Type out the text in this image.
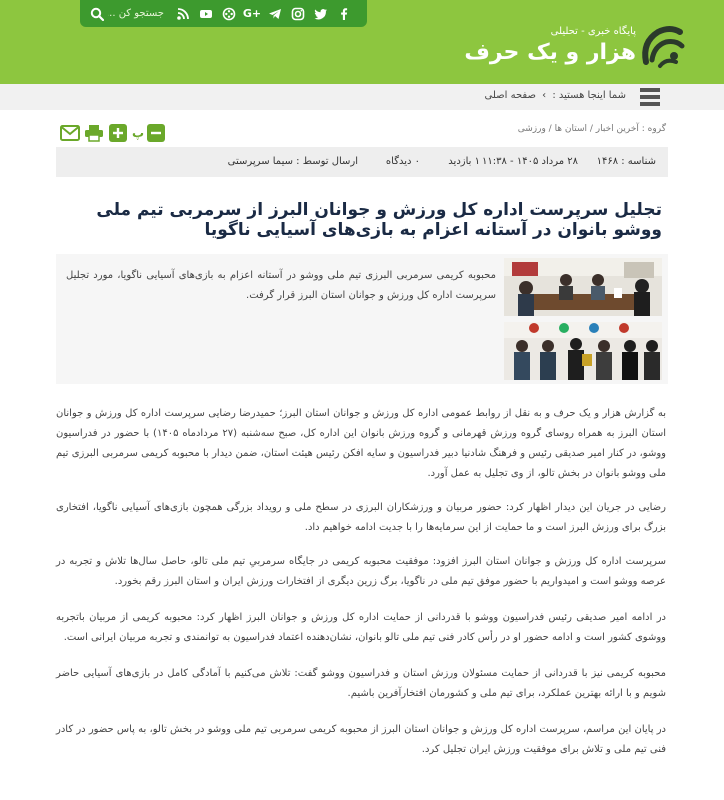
جستجو کن ...
G+
پایگاه خبری - تحلیلی
هزار و یک حرف
شما اینجا هستید : › صفحه اصلی
پ	گروه : آخرین اخبار / استان ها / ورزشی
شناسه : ۱۴۶۸
۲۸ مرداد ۱۴۰۵ - ۱۱:۳۸
۱ بازدید
۰ دیدگاه
ارسال توسط : سیما سرپرستی
تجلیل سرپرست اداره کل ورزش و جوانان البرز از سرمربی تیم ملی ووشو بانوان در آستانه اعزام به بازی‌های آسیایی ناگویا

محبوبه کریمی سرمربی البرزی تیم ملی ووشو در آستانه اعزام به بازی‌های آسیایی ناگویا، مورد تجلیل سرپرست اداره کل ورزش و جوانان استان البرز قرار گرفت.

به گزارش هزار و یک حرف و به نقل از روابط عمومی اداره کل ورزش و جوانان استان البرز؛ حمیدرضا رضایی سرپرست اداره کل ورزش و جوانان استان البرز به همراه روسای گروه ورزش قهرمانی و گروه ورزش بانوان این اداره کل، صبح سه‌شنبه (۲۷ مردادماه ۱۴۰۵) با حضور در فدراسیون ووشو، در کنار امیر صدیقی رئیس و فرهنگ شادنیا دبیر فدراسیون و سایه افکن رئیس هیئت استان، ضمن دیدار با محبوبه کریمی سرمربی البرزی تیم ملی ووشو بانوان در بخش تالو، از وی تجلیل به عمل آورد.

رضایی در جریان این دیدار اظهار کرد: حضور مربیان و ورزشکاران البرزی در سطح ملی و رویداد بزرگی همچون بازی‌های آسیایی ناگویا، افتخاری بزرگ برای ورزش البرز است و ما حمایت از این سرمایه‌ها را با جدیت ادامه خواهیم داد.

سرپرست اداره کل ورزش و جوانان استان البرز افزود: موفقیت محبوبه کریمی در جایگاه سرمربیِ تیم ملی تالو، حاصل سال‌ها تلاش و تجربه در عرصه ووشو است و امیدواریم با حضور موفق تیم ملی در ناگویا، برگ زرین دیگری از افتخارات ورزش ایران و استان البرز رقم بخورد.

در ادامه امیر صدیقی رئیس فدراسیون ووشو با قدردانی از حمایت اداره کل ورزش و جوانان البرز اظهار کرد: محبوبه کریمی از مربیان باتجربه ووشوی کشور است و ادامه حضور او در رأس کادر فنی تیم ملی تالو بانوان، نشان‌دهنده اعتماد فدراسیون به توانمندی و تجربه مربیان ایرانی است.

محبوبه کریمی نیز با قدردانی از حمایت مسئولان ورزش استان و فدراسیون ووشو گفت: تلاش می‌کنیم با آمادگی کامل در بازی‌های آسیایی حاضر شویم و با ارائه بهترین عملکرد، برای تیم ملی و کشورمان افتخارآفرین باشیم.

در پایان این مراسم، سرپرست اداره کل ورزش و جوانان استان البرز از محبوبه کریمی سرمربی تیم ملی ووشو در بخش تالو، به پاس حضور در کادر فنی تیم ملی و تلاش برای موفقیت ورزش ایران تجلیل کرد.
